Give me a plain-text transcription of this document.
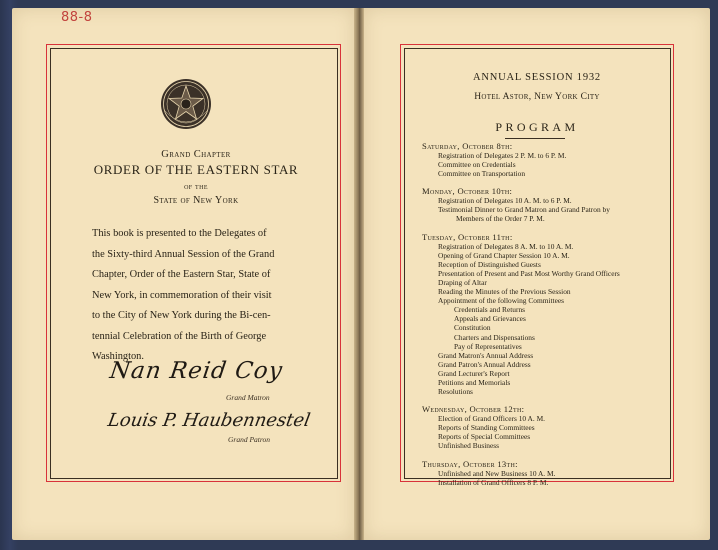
88-8
Grand Chapter
ORDER OF THE EASTERN STAR
of the
State of New York
This book is presented to the Delegates of
the Sixty-third Annual Session of the Grand
Chapter, Order of the Eastern Star, State of
New York, in commemoration of their visit
to the City of New York during the Bi-cen-
tennial Celebration of the Birth of George
Washington.
Nan Reid Coy
Grand Matron
Louis P. Haubennestel
Grand Patron
ANNUAL SESSION 1932
Hotel Astor, New York City
PROGRAM
Saturday, October 8th:
Registration of Delegates 2 P. M. to 6 P. M.
Committee on Credentials
Committee on Transportation
Monday, October 10th:
Registration of Delegates 10 A. M. to 6 P. M.
Testimonial Dinner to Grand Matron and Grand Patron by
Members of the Order 7 P. M.
Tuesday, October 11th:
Registration of Delegates 8 A. M. to 10 A. M.
Opening of Grand Chapter Session 10 A. M.
Reception of Distinguished Guests
Presentation of Present and Past Most Worthy Grand Officers
Draping of Altar
Reading the Minutes of the Previous Session
Appointment of the following Committees
Credentials and Returns
Appeals and Grievances
Constitution
Charters and Dispensations
Pay of Representatives
Grand Matron's Annual Address
Grand Patron's Annual Address
Grand Lecturer's Report
Petitions and Memorials
Resolutions
Wednesday, October 12th:
Election of Grand Officers 10 A. M.
Reports of Standing Committees
Reports of Special Committees
Unfinished Business
Thursday, October 13th:
Unfinished and New Business 10 A. M.
Installation of Grand Officers 8 P. M.
